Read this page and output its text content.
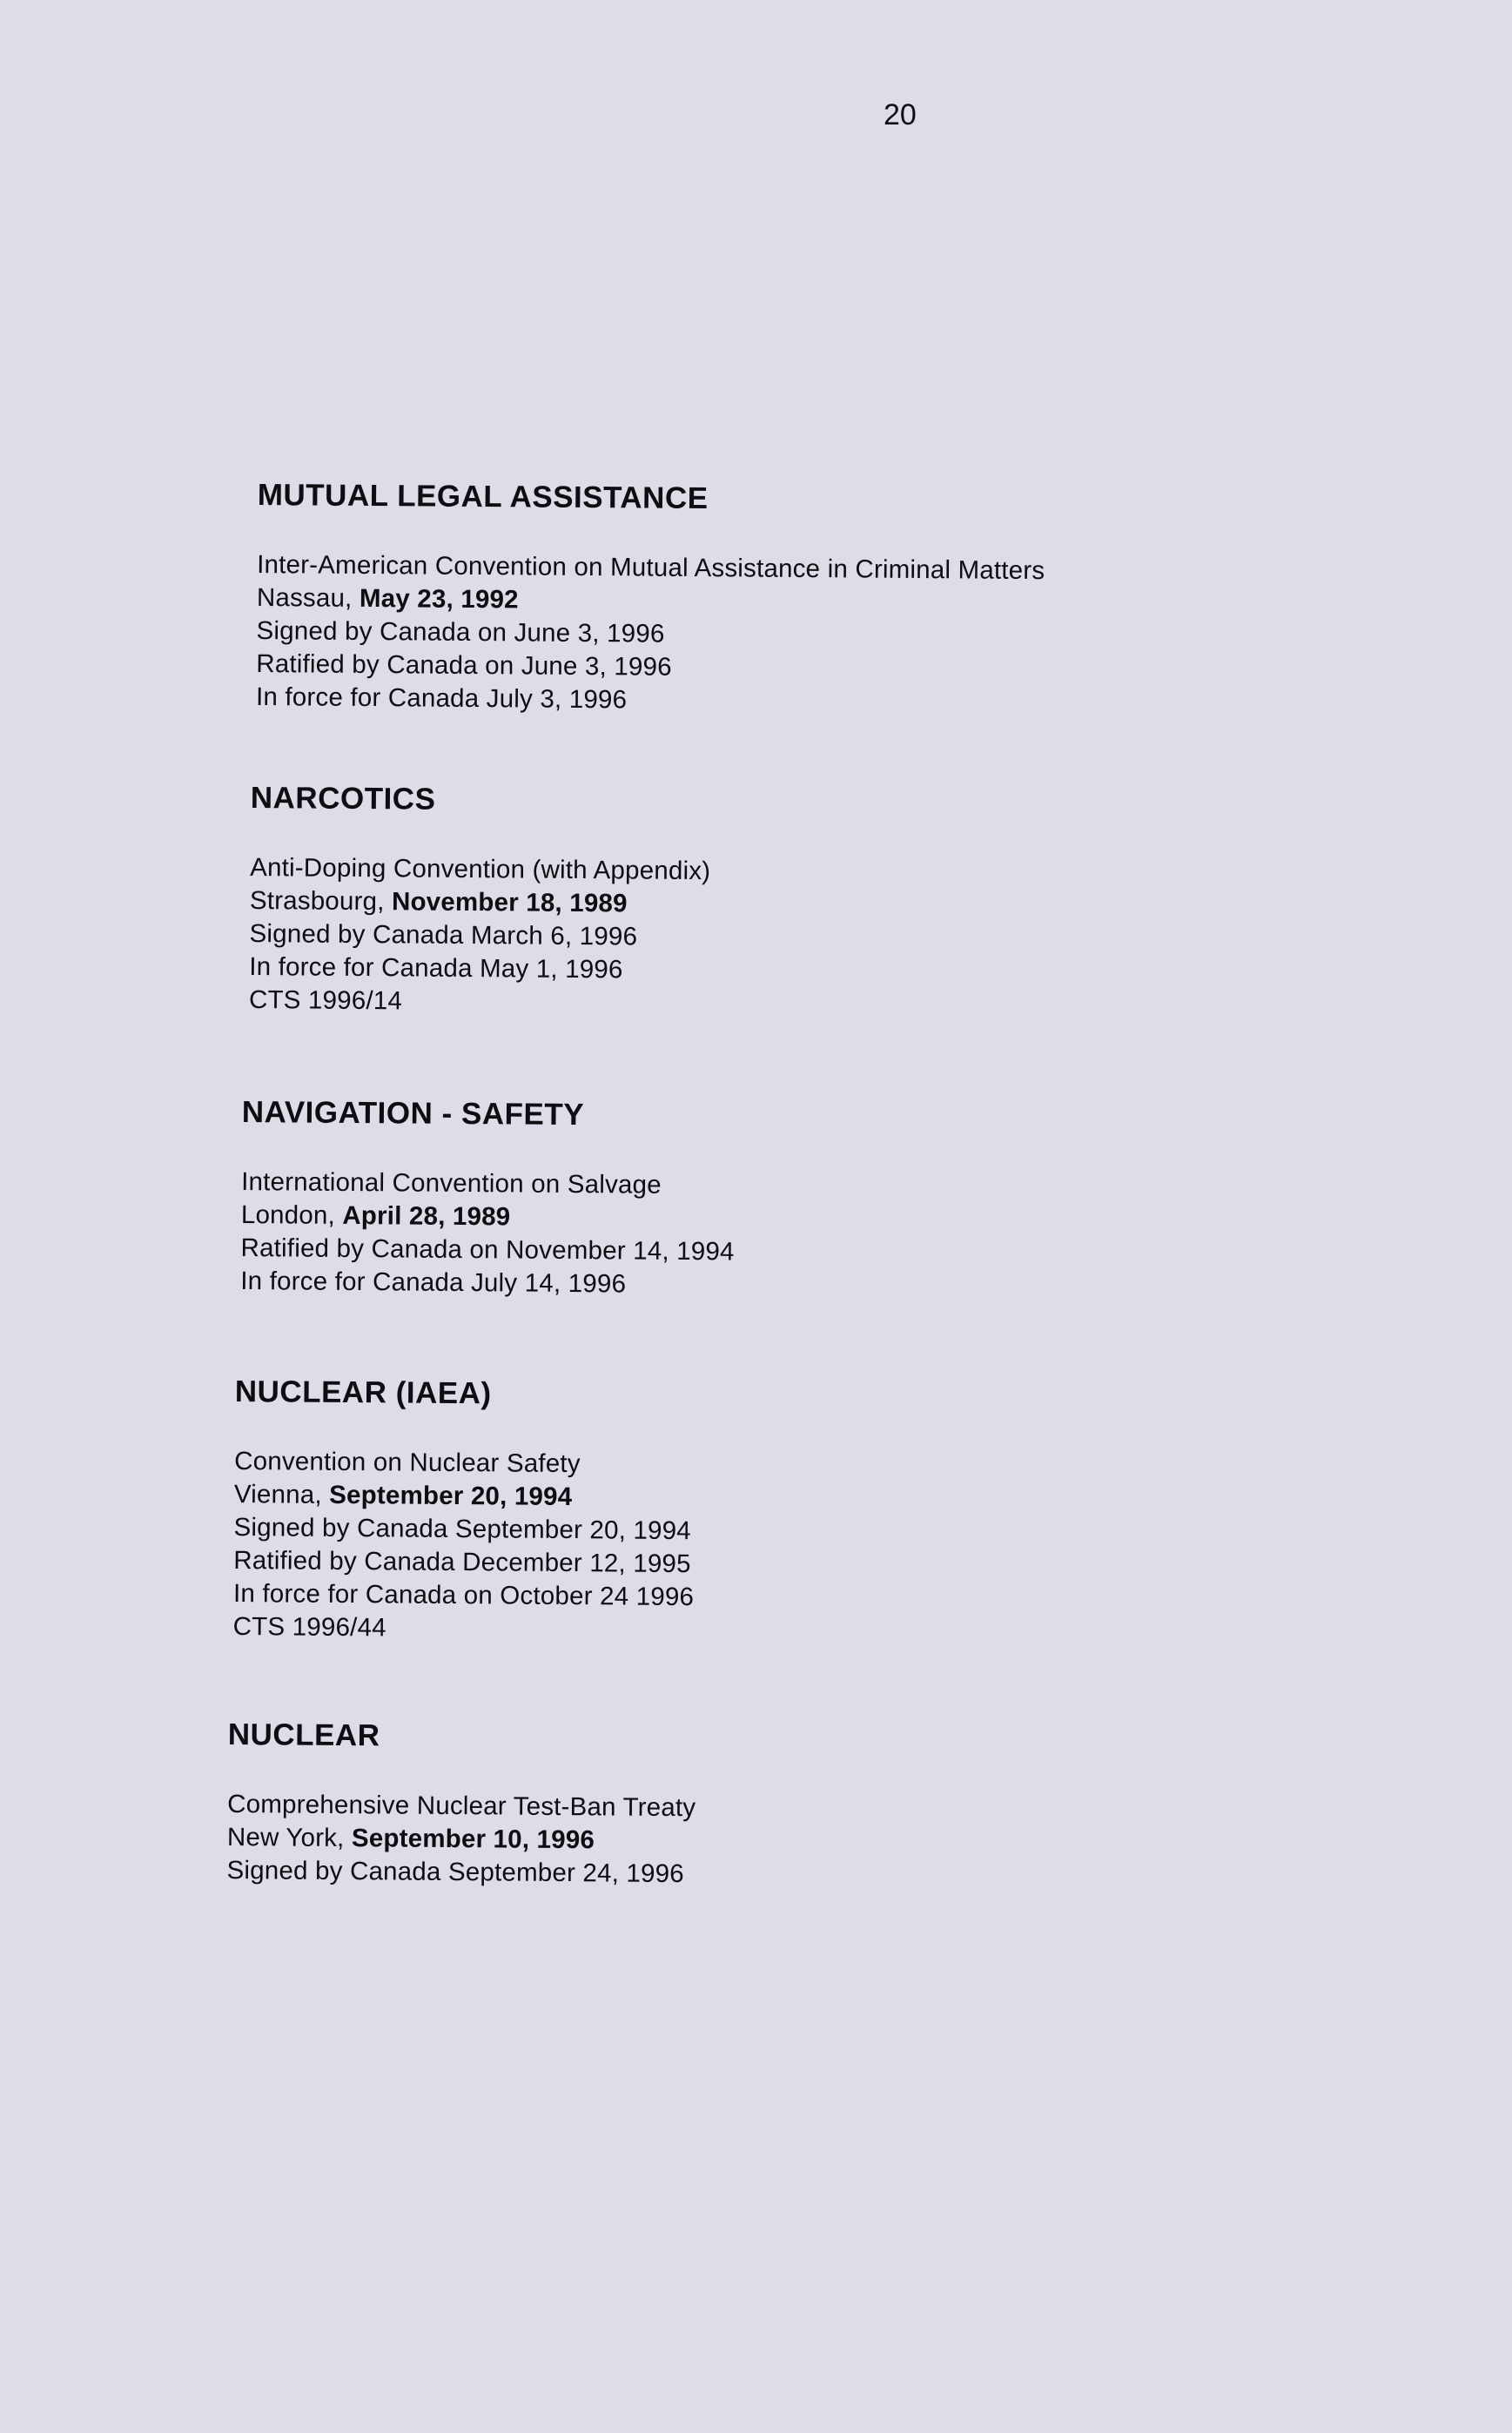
20
MUTUAL LEGAL ASSISTANCE
Inter-American Convention on Mutual Assistance in Criminal Matters
Nassau, May 23, 1992
Signed by Canada on June 3, 1996
Ratified by Canada on June 3, 1996
In force for Canada July 3, 1996
NARCOTICS
Anti-Doping Convention (with Appendix)
Strasbourg, November 18, 1989
Signed by Canada March 6, 1996
In force for Canada May 1, 1996
CTS 1996/14
NAVIGATION - SAFETY
International Convention on Salvage
London, April 28, 1989
Ratified by Canada on November 14, 1994
In force for Canada July 14, 1996
NUCLEAR (IAEA)
Convention on Nuclear Safety
Vienna, September 20, 1994
Signed by Canada September 20, 1994
Ratified by Canada December 12, 1995
In force for Canada on October 24 1996
CTS 1996/44
NUCLEAR
Comprehensive Nuclear Test-Ban Treaty
New York, September 10, 1996
Signed by Canada September 24, 1996
